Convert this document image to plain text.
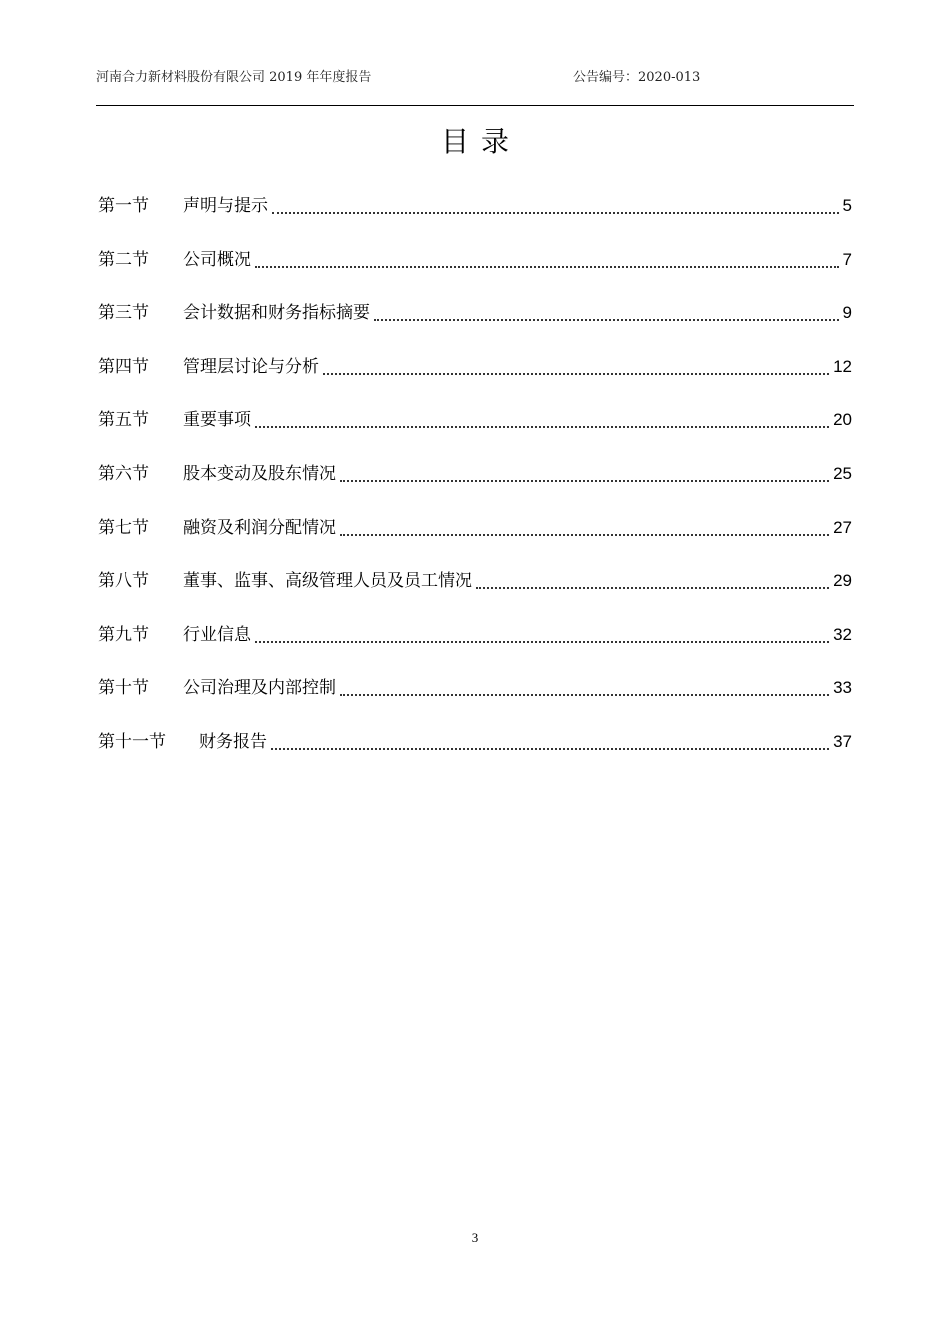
河南合力新材料股份有限公司 2019 年年度报告	公告编号：2020-013
目录
第一节	声明与提示	5
第二节	公司概况	7
第三节	会计数据和财务指标摘要	9
第四节	管理层讨论与分析	12
第五节	重要事项	20
第六节	股本变动及股东情况	25
第七节	融资及利润分配情况	27
第八节	董事、监事、高级管理人员及员工情况	29
第九节	行业信息	32
第十节	公司治理及内部控制	33
第十一节	财务报告	37
3
